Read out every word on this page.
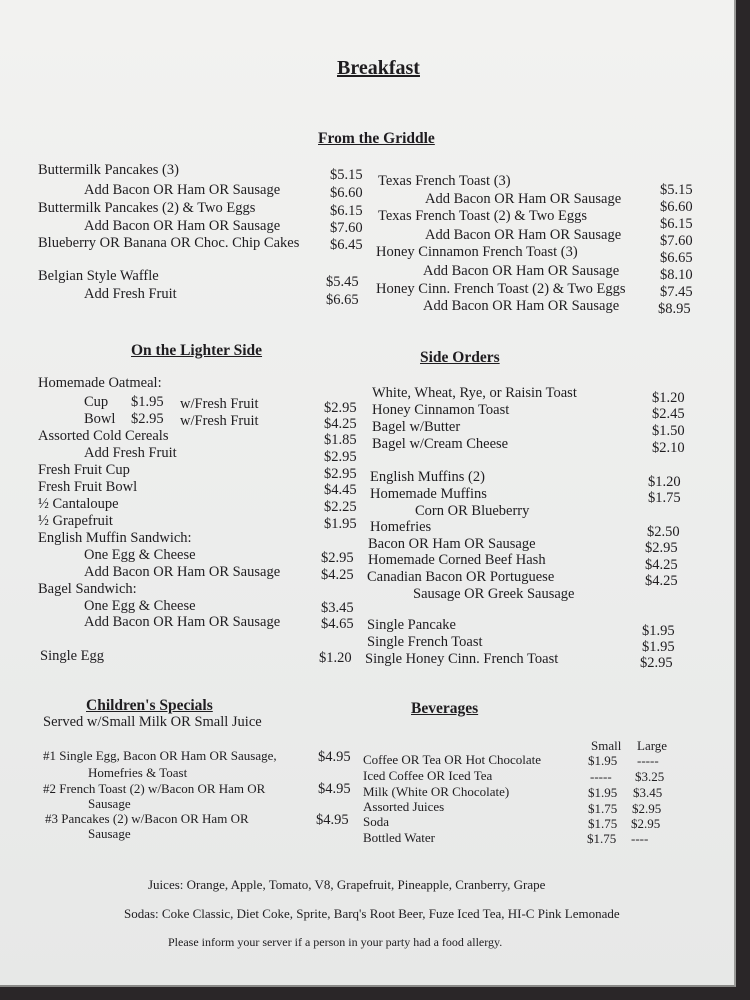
Breakfast
From the Griddle
Buttermilk Pancakes (3)	$5.15
Add Bacon OR Ham OR Sausage	$6.60
Buttermilk Pancakes (2) & Two Eggs	$6.15
Add Bacon OR Ham OR Sausage	$7.60
Blueberry OR Banana OR Choc. Chip Cakes $6.45
Belgian Style Waffle	$5.45
Add Fresh Fruit	$6.65
Texas French Toast (3)
$5.15
Add Bacon OR Ham OR Sausage	$6.60
Texas French Toast (2) & Two Eggs	$6.15
Add Bacon OR Ham OR Sausage	$7.60
Honey Cinnamon French Toast (3)	$6.65
Add Bacon OR Ham OR Sausage	$8.10
Honey Cinn. French Toast (2) & Two Eggs $7.45
Add Bacon OR Ham OR Sausage	$8.95
On the Lighter Side
Homemade Oatmeal:
Cup $1.95 w/Fresh Fruit	$2.95
Bowl $2.95 w/Fresh Fruit	$4.25
Assorted Cold Cereals	$1.85
Add Fresh Fruit	$2.95
Fresh Fruit Cup	$2.95
Fresh Fruit Bowl	$4.45
½ Cantaloupe	$2.25
½ Grapefruit	$1.95
English Muffin Sandwich:
One Egg & Cheese	$2.95
Add Bacon OR Ham OR Sausage	$4.25
Bagel Sandwich:
One Egg & Cheese	$3.45
Add Bacon OR Ham OR Sausage	$4.65
Single Egg	$1.20
Side Orders
White, Wheat, Rye, or Raisin Toast	$1.20
Honey Cinnamon Toast	$2.45
Bagel w/Butter	$1.50
Bagel w/Cream Cheese	$2.10
English Muffins (2)	$1.20
Homemade Muffins	$1.75
Corn OR Blueberry
Homefries	$2.50
Bacon OR Ham OR Sausage	$2.95
Homemade Corned Beef Hash	$4.25
Canadian Bacon OR Portuguese	$4.25
Sausage OR Greek Sausage
Single Pancake	$1.95
Single French Toast	$1.95
Single Honey Cinn. French Toast	$2.95
Children's Specials
Served w/Small Milk OR Small Juice
#1 Single Egg, Bacon OR Ham OR Sausage,
Homefries & Toast
$4.95
#2 French Toast (2) w/Bacon OR Ham OR
Sausage
$4.95
#3 Pancakes (2) w/Bacon OR Ham OR
Sausage
$4.95
Beverages
Small Large
Coffee OR Tea OR Hot Chocolate	$1.95 -----
Iced Coffee OR Iced Tea	----- $3.25
Milk (White OR Chocolate)	$1.95 $3.45
Assorted Juices	$1.75 $2.95
Soda	$1.75 $2.95
Bottled Water	$1.75 ----
Juices: Orange, Apple, Tomato, V8, Grapefruit, Pineapple, Cranberry, Grape
Sodas: Coke Classic, Diet Coke, Sprite, Barq's Root Beer, Fuze Iced Tea, HI-C Pink Lemonade
Please inform your server if a person in your party had a food allergy.
